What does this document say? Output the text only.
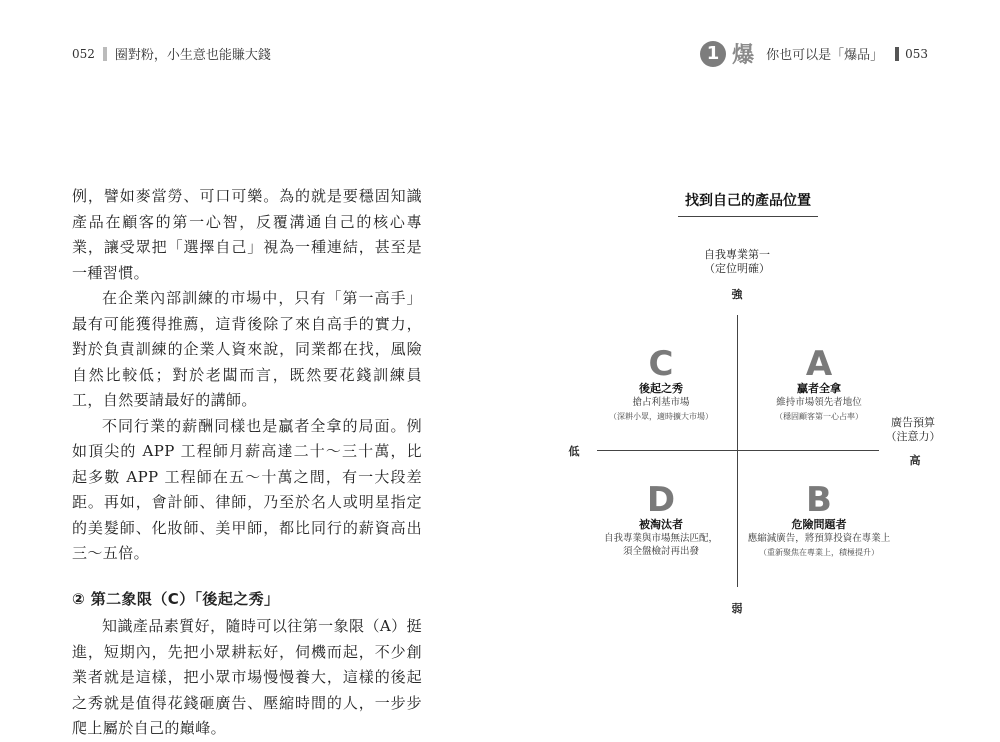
052 圈對粉，小生意也能賺大錢	1 爆 你也可以是「爆品」 053

例，譬如麥當勞、可口可樂。為的就是要穩固知識產品在顧客的第一心智，反覆溝通自己的核心專業，讓受眾把「選擇自己」視為一種連結，甚至是一種習慣。

在企業內部訓練的市場中，只有「第一高手」最有可能獲得推薦，這背後除了來自高手的實力，對於負責訓練的企業人資來說，同業都在找，風險自然比較低；對於老闆而言，既然要花錢訓練員工，自然要請最好的講師。

不同行業的薪酬同樣也是贏者全拿的局面。例如頂尖的 APP 工程師月薪高達二十～三十萬，比起多數 APP 工程師在五～十萬之間，有一大段差距。再如，會計師、律師，乃至於名人或明星指定的美髮師、化妝師、美甲師，都比同行的薪資高出三～五倍。

② 第二象限（C）「後起之秀」

知識產品素質好，隨時可以往第一象限（A）挺進，短期內，先把小眾耕耘好，伺機而起，不少創業者就是這樣，把小眾市場慢慢養大，這樣的後起之秀就是值得花錢砸廣告、壓縮時間的人，一步步爬上屬於自己的巔峰。

找到自己的產品位置
自我專業第一
（定位明確）
強
弱
低
廣告預算
（注意力）
高
C
後起之秀
搶占利基市場
（深耕小眾，適時擴大市場）
A
贏者全拿
維持市場領先者地位
（穩固顧客第一心占率）
D
被淘汰者
自我專業與市場無法匹配，
須全盤檢討再出發
B
危險問題者
應縮減廣告，將預算投資在專業上
（重新聚焦在專業上，積極提升）
